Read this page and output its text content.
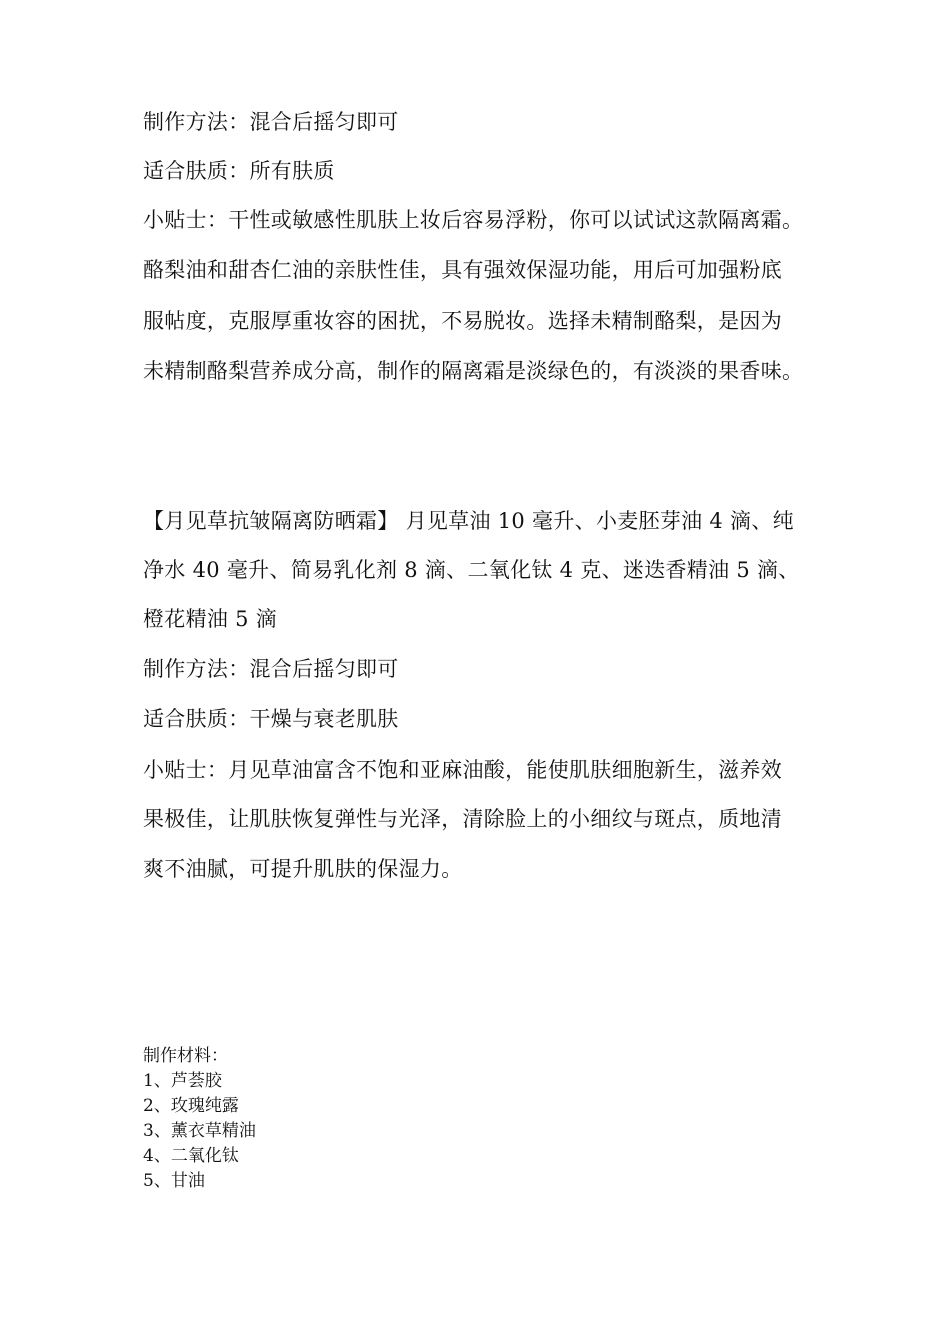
制作方法：混合后摇匀即可
适合肤质：所有肤质
小贴士：干性或敏感性肌肤上妆后容易浮粉，你可以试试这款隔离霜。
酪梨油和甜杏仁油的亲肤性佳，具有强效保湿功能，用后可加强粉底
服帖度，克服厚重妆容的困扰，不易脱妆。选择未精制酪梨，是因为
未精制酪梨营养成分高，制作的隔离霜是淡绿色的，有淡淡的果香味。
【月见草抗皱隔离防晒霜】 月见草油 10 毫升、小麦胚芽油 4 滴、纯
净水 40 毫升、简易乳化剂 8 滴、二氧化钛 4 克、迷迭香精油 5 滴、
橙花精油 5 滴
制作方法：混合后摇匀即可
适合肤质：干燥与衰老肌肤
小贴士：月见草油富含不饱和亚麻油酸，能使肌肤细胞新生，滋养效
果极佳，让肌肤恢复弹性与光泽，清除脸上的小细纹与斑点，质地清
爽不油腻，可提升肌肤的保湿力。
制作材料：
1、芦荟胶
2、玫瑰纯露
3、薰衣草精油
4、二氧化钛
5、甘油
